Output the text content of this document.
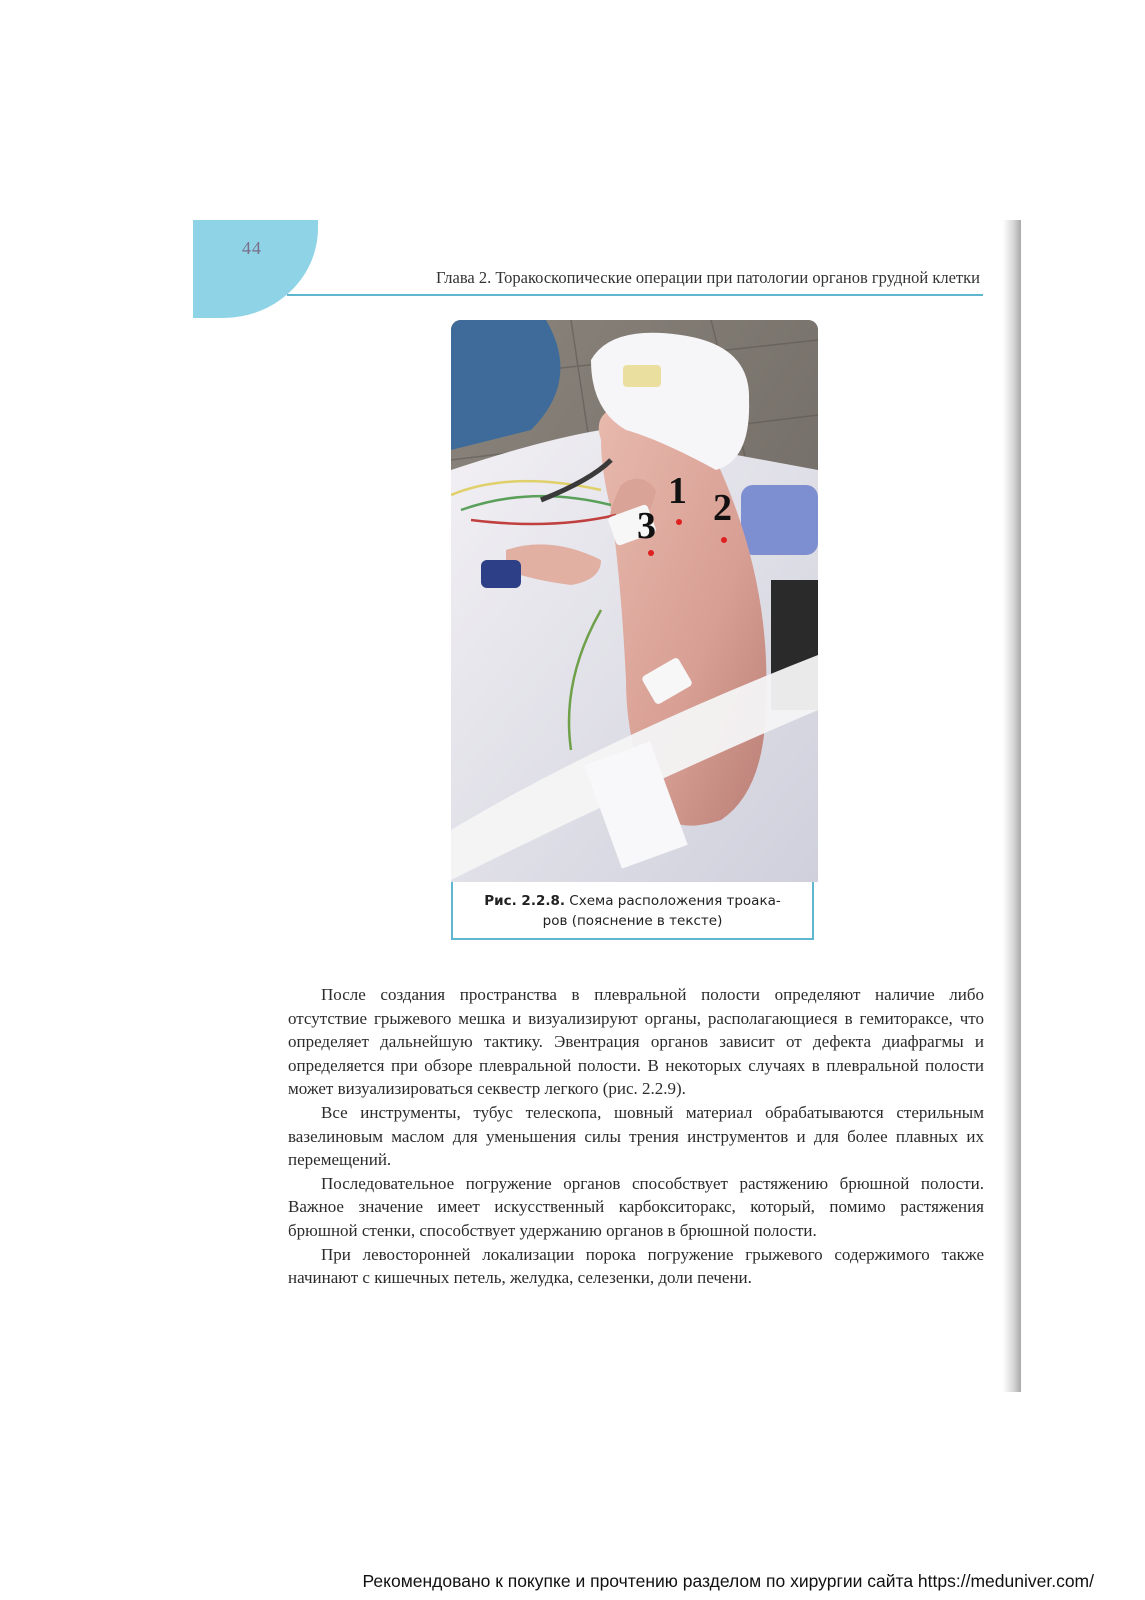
44
Глава 2. Торакоскопические операции при патологии органов грудной клетки
1 2
3
Рис. 2.2.8. Схема расположения троака-
ров (пояснение в тексте)

После создания пространства в плевральной полости определяют наличие либо отсутствие грыжевого мешка и визуализируют органы, располагающиеся в гемитораксе, что определяет дальнейшую тактику. Эвентрация органов зависит от дефекта диафрагмы и определяется при обзоре плевральной полости. В некоторых случаях в плевральной полости может визуализироваться секвестр легкого (рис. 2.2.9).

Все инструменты, тубус телескопа, шовный материал обрабатываются стерильным вазелиновым маслом для уменьшения силы трения инструментов и для более плавных их перемещений.

Последовательное погружение органов способствует растяжению брюшной полости. Важное значение имеет искусственный карбокситоракс, который, помимо растяжения брюшной стенки, способствует удержанию органов в брюшной полости.

При левосторонней локализации порока погружение грыжевого содержимого также начинают с кишечных петель, желудка, селезенки, доли печени.

Рекомендовано к покупке и прочтению разделом по хирургии сайта https://meduniver.com/
